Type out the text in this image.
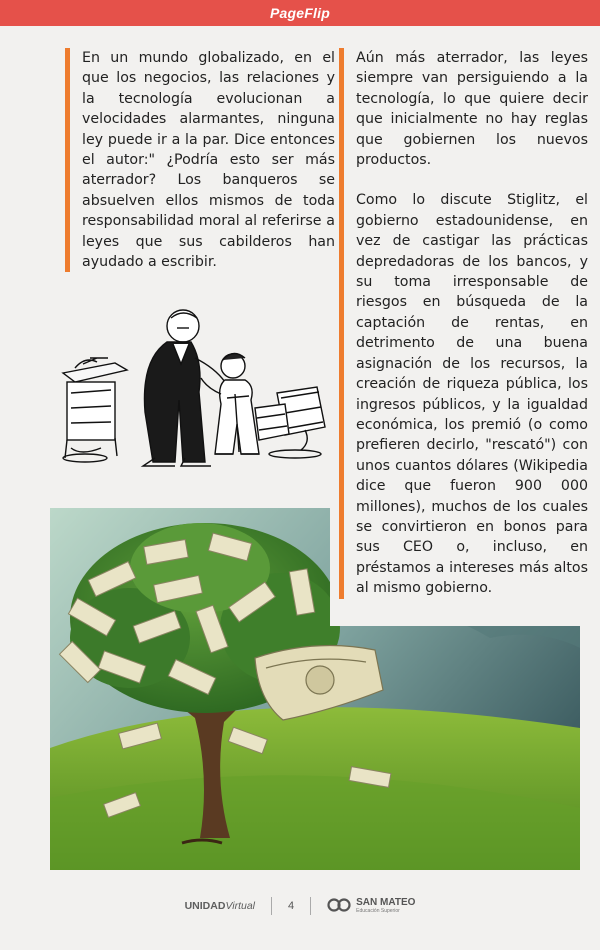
PageFlip

En un mundo globalizado, en el que los negocios, las relaciones y la tecnología evolucionan a velocidades alarmantes, ninguna ley puede ir a la par. Dice entonces el autor:" ¿Podría esto ser más aterrador? Los banqueros se absuelven ellos mismos de toda responsabilidad moral al referirse a leyes que sus cabilderos han ayudado a escribir.

Aún más aterrador, las leyes siempre van persiguiendo a la tecnología, lo que quiere decir que inicialmente no hay reglas que gobiernen los nuevos productos.

Como lo discute Stiglitz, el gobierno estadounidense, en vez de castigar las prácticas depredadoras de los bancos, y su toma irresponsable de riesgos en búsqueda de la captación de rentas, en detrimento de una buena asignación de los recursos, la creación de riqueza pública, los ingresos públicos, y la igualdad económica, los premió (o como prefieren decirlo, "rescató") con unos cuantos dólares (Wikipedia dice que fueron 900 000 millones), muchos de los cuales se convirtieron en bonos para sus CEO o, incluso, en préstamos a intereses más altos al mismo gobierno.

UNIDADVirtual	4	SAN MATEO
Educación Superior
